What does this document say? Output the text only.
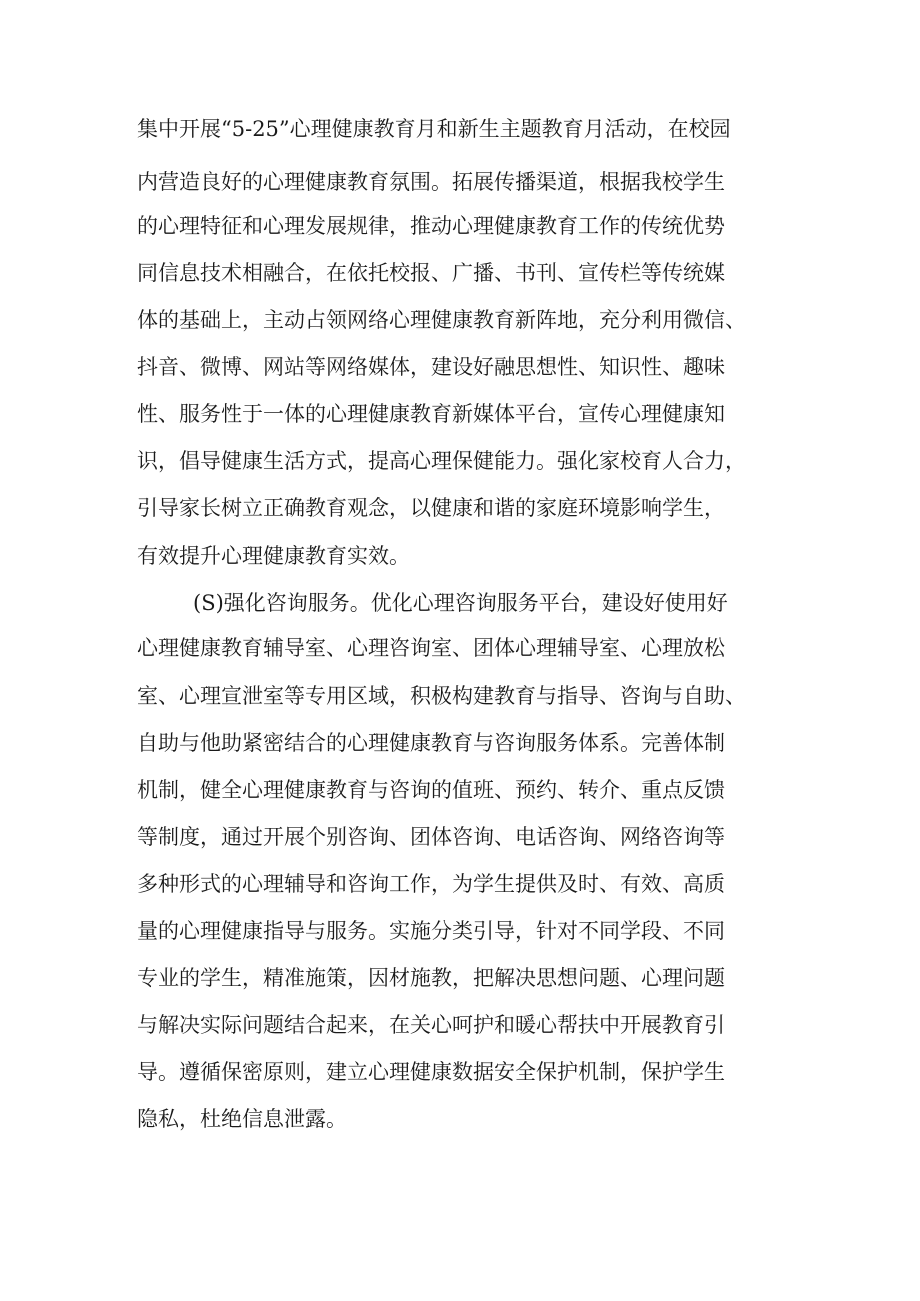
集中开展“5-25”心理健康教育月和新生主题教育月活动，在校园

内营造良好的心理健康教育氛围。拓展传播渠道，根据我校学生

的心理特征和心理发展规律，推动心理健康教育工作的传统优势

同信息技术相融合，在依托校报、广播、书刊、宣传栏等传统媒

体的基础上，主动占领网络心理健康教育新阵地，充分利用微信、

抖音、微博、网站等网络媒体，建设好融思想性、知识性、趣味

性、服务性于一体的心理健康教育新媒体平台，宣传心理健康知

识，倡导健康生活方式，提高心理保健能力。强化家校育人合力，

引导家长树立正确教育观念，以健康和谐的家庭环境影响学生，

有效提升心理健康教育实效。

(S)强化咨询服务。优化心理咨询服务平台，建设好使用好

心理健康教育辅导室、心理咨询室、团体心理辅导室、心理放松

室、心理宣泄室等专用区域，积极构建教育与指导、咨询与自助、

自助与他助紧密结合的心理健康教育与咨询服务体系。完善体制

机制，健全心理健康教育与咨询的值班、预约、转介、重点反馈

等制度，通过开展个别咨询、团体咨询、电话咨询、网络咨询等

多种形式的心理辅导和咨询工作，为学生提供及时、有效、高质

量的心理健康指导与服务。实施分类引导，针对不同学段、不同

专业的学生，精准施策，因材施教，把解决思想问题、心理问题

与解决实际问题结合起来，在关心呵护和暖心帮扶中开展教育引

导。遵循保密原则，建立心理健康数据安全保护机制，保护学生

隐私，杜绝信息泄露。
